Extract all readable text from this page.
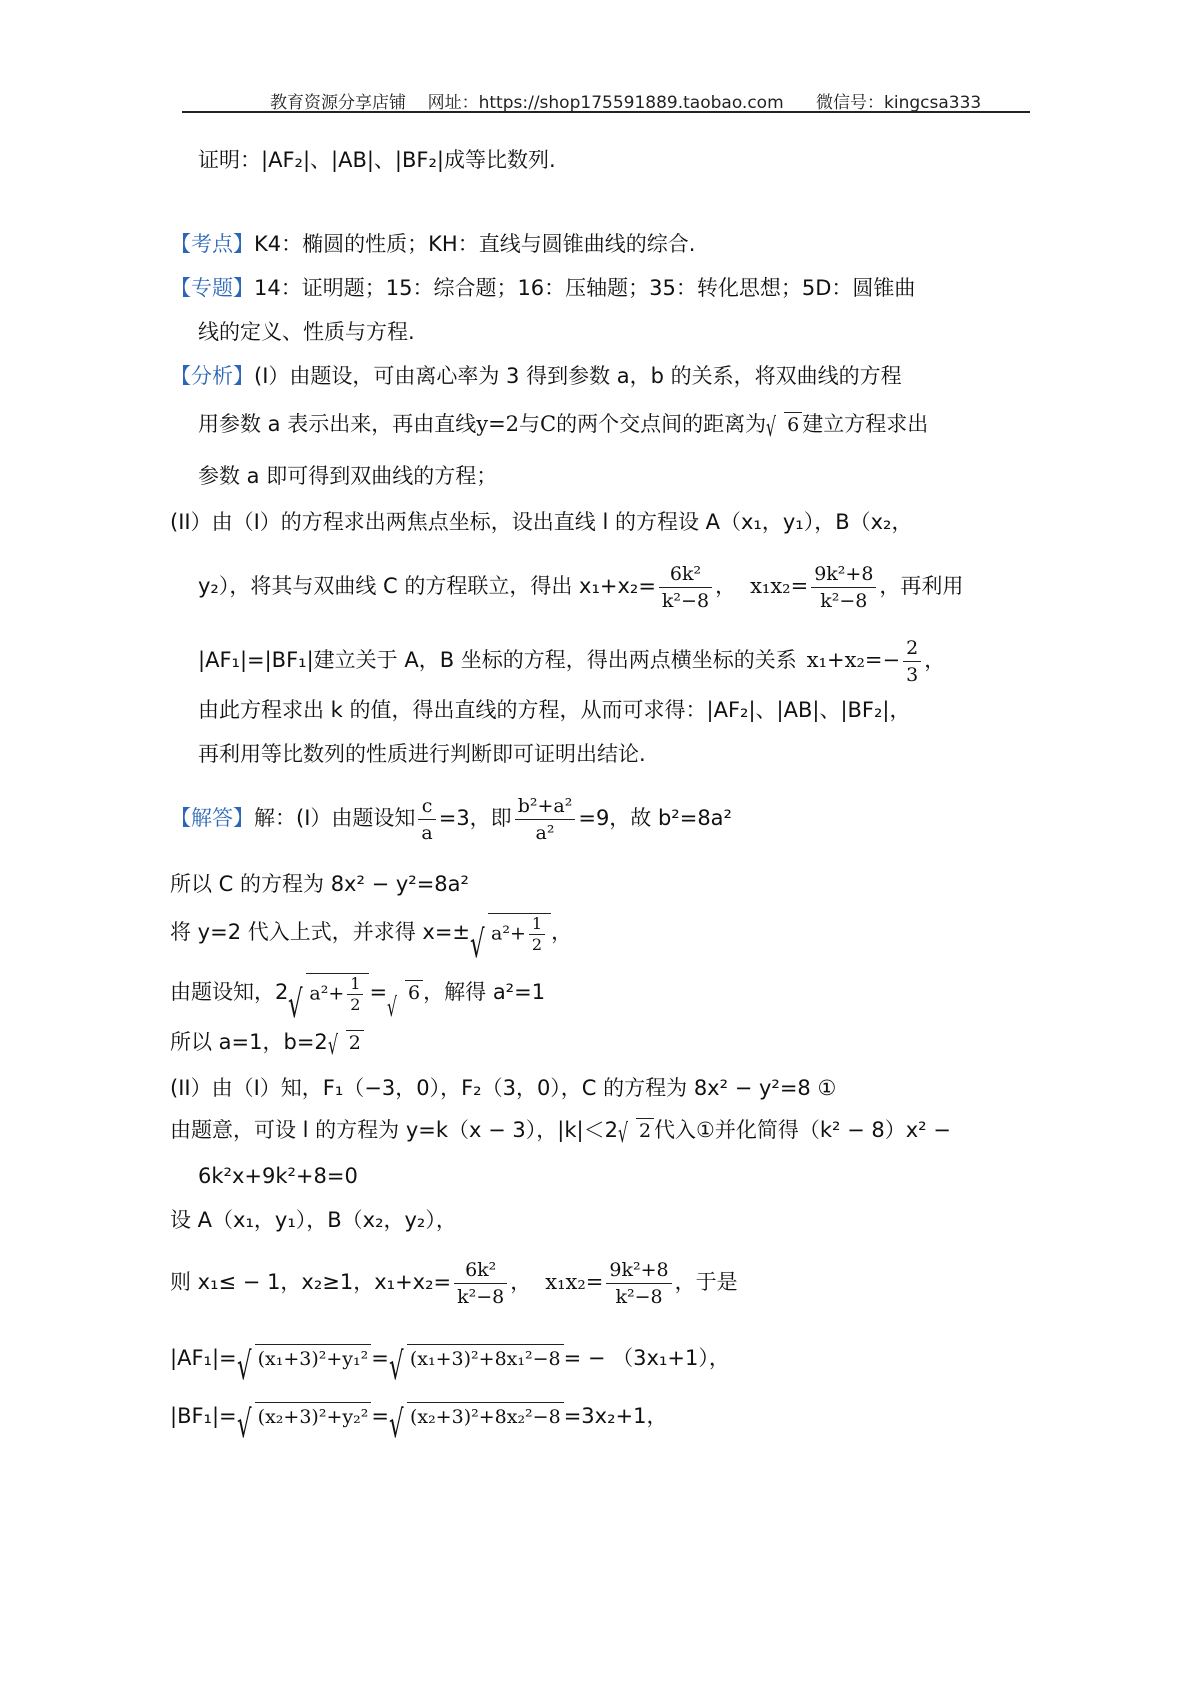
教育资源分享店铺    网址：https://shop175591889.taobao.com      微信号：kingcsa333
证明：|AF₂|、|AB|、|BF₂|成等比数列.
【考点】K4：椭圆的性质；KH：直线与圆锥曲线的综合.
【专题】14：证明题；15：综合题；16：压轴题；35：转化思想；5D：圆锥曲
线的定义、性质与方程.
【分析】(I）由题设，可由离心率为 3 得到参数 a，b 的关系，将双曲线的方程
用参数 a 表示出来，再由直线y=2与C的两个交点间的距离为 √ 6 建立方程求出
参数 a 即可得到双曲线的方程；
(II）由（I）的方程求出两焦点坐标，设出直线 l 的方程设 A（x₁，y₁），B（x₂，
y₂），将其与双曲线 C 的方程联立，得出 $x_1+x_2= \frac{\text{6k²}}{\text{k²−8}}$ ， $x_1x_2= \frac{\text{9k²+8}}{\text{k²−8}}$ ，再利用
|AF₁|=|BF₁|建立关于 A，B 坐标的方程，得出两点横坐标的关系 $x_1+x_2=- \frac{2}{3}$ ，
由此方程求出 k 的值，得出直线的方程，从而可求得：|AF₂|、|AB|、|BF₂|，
再利用等比数列的性质进行判断即可证明出结论.
【解答】解：(I）由题设知 $\frac{c}{a} =3$，即 $\frac{\text{b²+a²}}{\text{a²}} =9$，故 b²=8a²
所以 C 的方程为 8x² − y²=8a²
将 y=2 代入上式，并求得 x=± √ $a^2+ \frac{1}{2}$ ，
由题设知，2 √ $a^2+ \frac{1}{2}$ =
√ 6 ，解得 a²=1
所以 a=1，b=2 √ 2
(II）由（I）知，F₁（−3，0），F₂（3，0），C 的方程为 8x² − y²=8 ①
由题意，可设 l 的方程为 y=k（x − 3），|k|＜2 √ 2 代入①并化简得（k² − 8）x² −
6k²x+9k²+8=0
设 A（x₁，y₁），B（x₂，y₂），
则 x₁≤ − 1，x₂≥1，$x_1+x_2= \frac{\text{6k²}}{\text{k²−8}}$ ， $x_1x_2= \frac{\text{9k²+8}}{\text{k²−8}}$ ，于是
|AF₁|= √ (x₁+3)²+y₁² = √ (x₁+3)²+8x₁²−8 = − （3x₁+1），
|BF₁|= √ (x₂+3)²+y₂² = √ (x₂+3)²+8x₂²−8 =3x₂+1，
